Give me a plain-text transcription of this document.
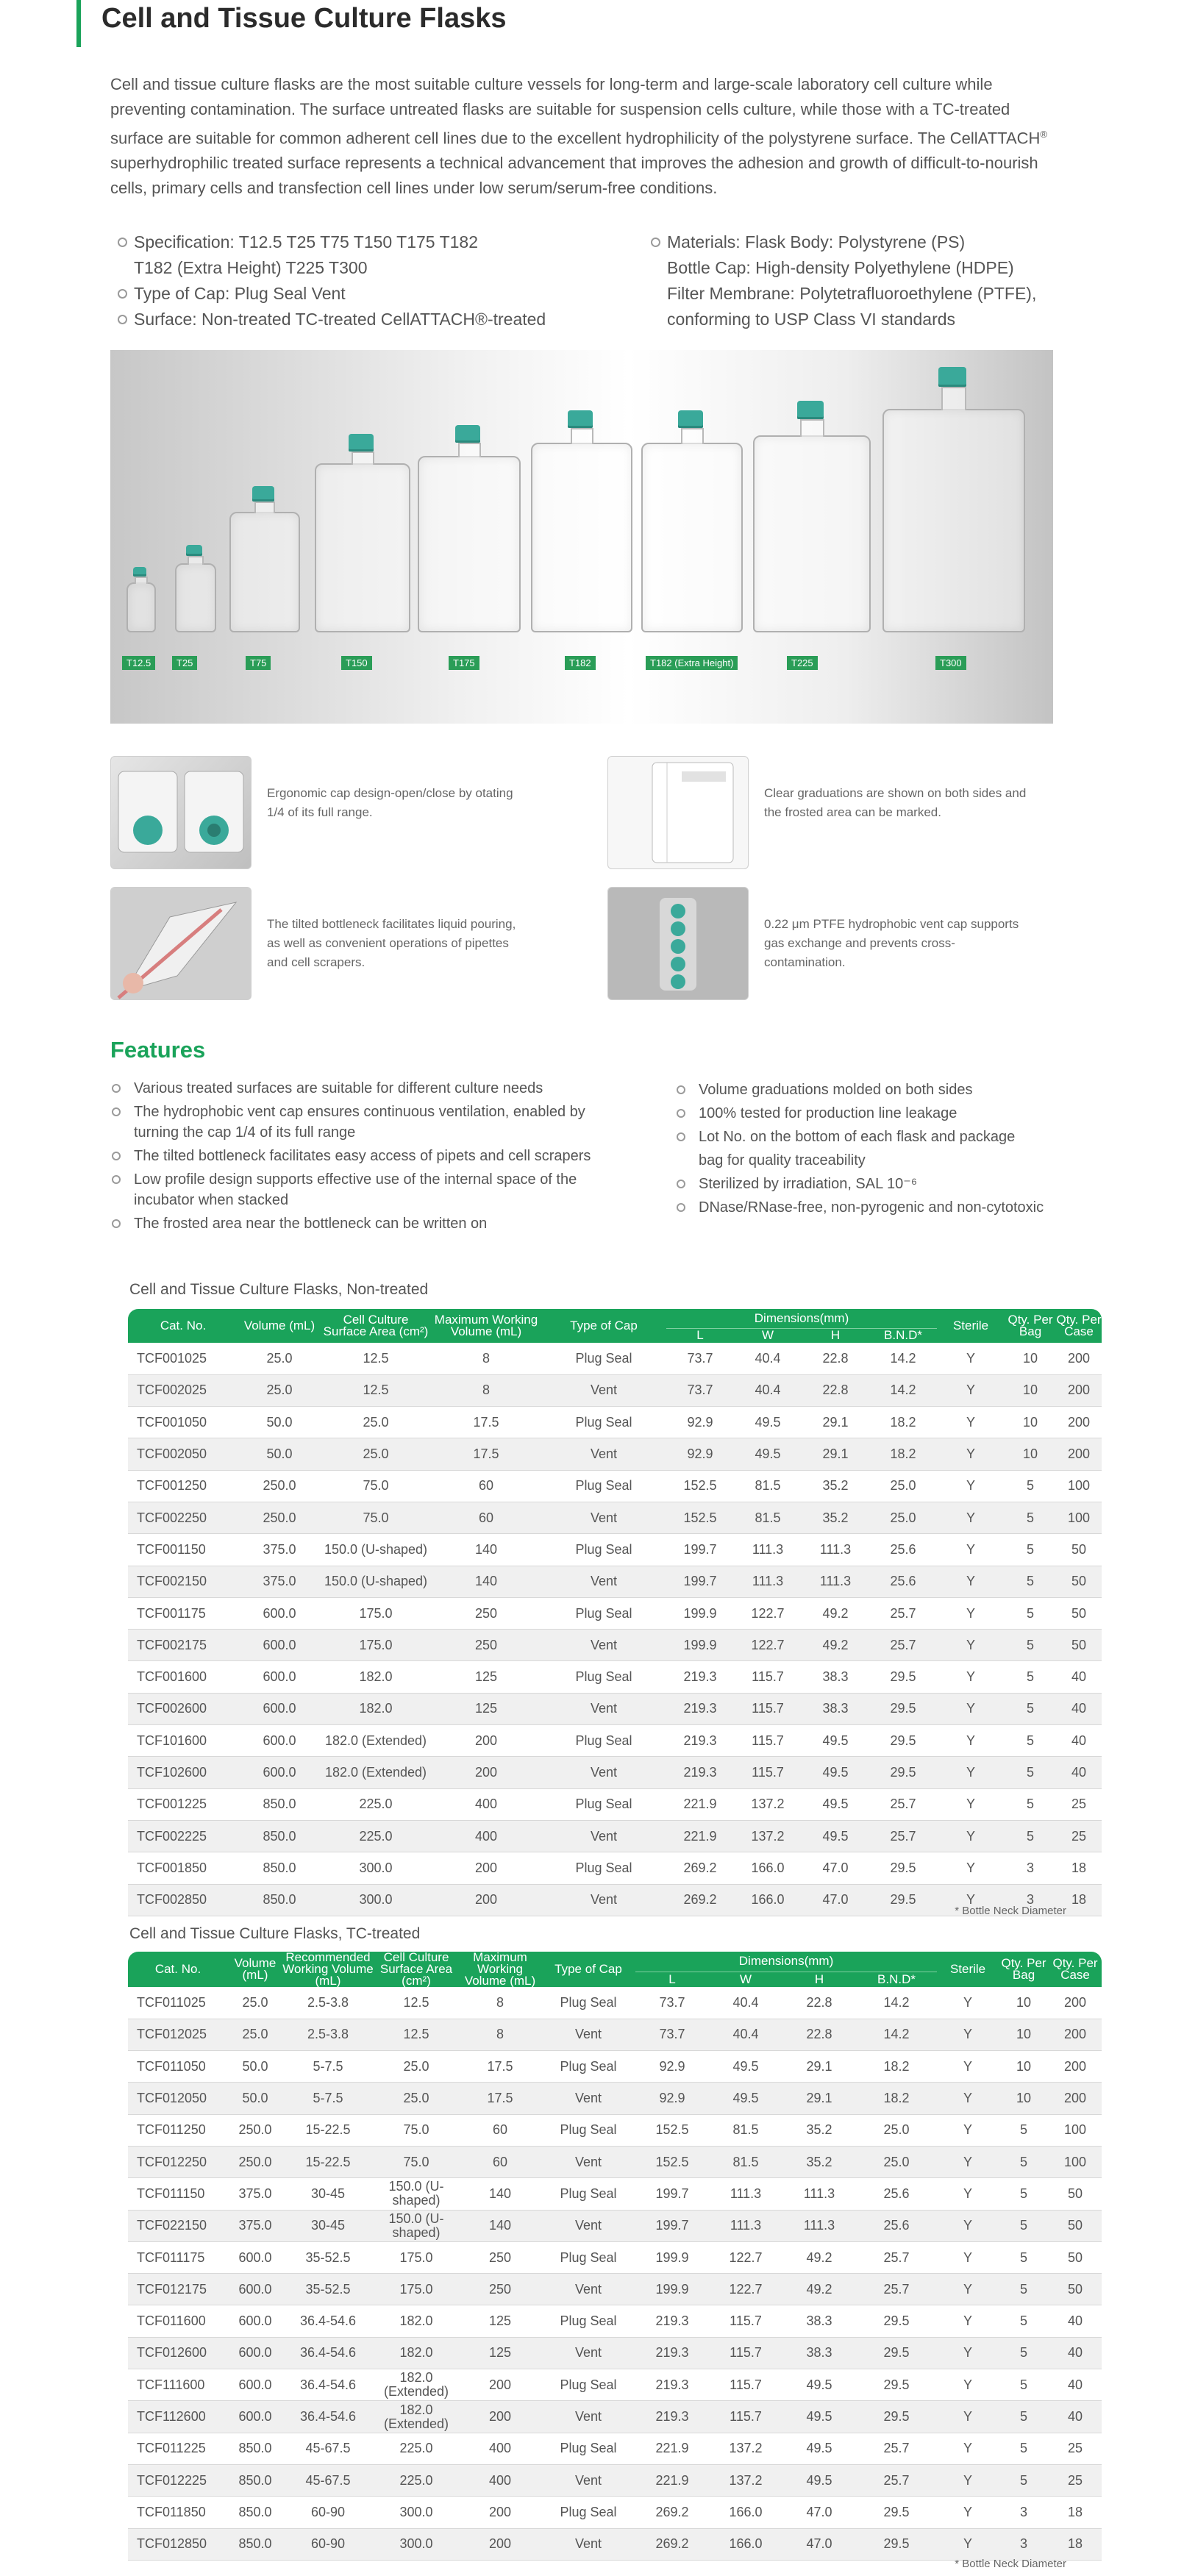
Cell and Tissue Culture Flasks

Cell and tissue culture flasks are the most suitable culture vessels for long-term and large-scale laboratory cell culture while preventing contamination. The surface untreated flasks are suitable for suspension cells culture, while those with a TC-treated surface are suitable for common adherent cell lines due to the excellent hydrophilicity of the polystyrene surface. The CellATTACH® superhydrophilic treated surface represents a technical advancement that improves the adhesion and growth of difficult-to-nourish cells, primary cells and transfection cell lines under low serum/serum-free conditions.

Specification: T12.5 T25 T75 T150 T175 T182
T182 (Extra Height) T225 T300
Type of Cap: Plug Seal Vent
Surface: Non-treated TC-treated CellATTACH®-treated
Materials: Flask Body: Polystyrene (PS)
Bottle Cap: High-density Polyethylene (HDPE)
Filter Membrane: Polytetrafluoroethylene (PTFE),
conforming to USP Class VI standards
T12.5	T25	T75	T150	T175	T182	T182 (Extra Height)	T225	T300
Ergonomic cap design-open/close by otating 1/4 of its full range.
Clear graduations are shown on both sides and the frosted area can be marked.
The tilted bottleneck facilitates liquid pouring, as well as convenient operations of pipettes and cell scrapers.
0.22 μm PTFE hydrophobic vent cap supports gas exchange and prevents cross-contamination.
Features
Various treated surfaces are suitable for different culture needs
The hydrophobic vent cap ensures continuous ventilation, enabled by turning the cap 1/4 of its full range
The tilted bottleneck facilitates easy access of pipets and cell scrapers
Low profile design supports effective use of the internal space of the incubator when stacked
The frosted area near the bottleneck can be written on
Volume graduations molded on both sides
100% tested for production line leakage
Lot No. on the bottom of each flask and package
bag for quality traceability
Sterilized by irradiation, SAL 10⁻⁶
DNase/RNase-free, non-pyrogenic and non-cytotoxic
Cell and Tissue Culture Flasks, Non-treated
Cat. No.	Volume (mL)	Cell Culture Surface Area (cm²)	Maximum Working Volume (mL)	Type of Cap	Dimensions(mm)				Sterile	Qty. Per Bag	Qty. Per Case
					L	W	H	B.N.D*			
TCF001025	25.0	12.5	8	Plug Seal	73.7	40.4	22.8	14.2	Y	10	200
TCF002025	25.0	12.5	8	Vent	73.7	40.4	22.8	14.2	Y	10	200
TCF001050	50.0	25.0	17.5	Plug Seal	92.9	49.5	29.1	18.2	Y	10	200
TCF002050	50.0	25.0	17.5	Vent	92.9	49.5	29.1	18.2	Y	10	200
TCF001250	250.0	75.0	60	Plug Seal	152.5	81.5	35.2	25.0	Y	5	100
TCF002250	250.0	75.0	60	Vent	152.5	81.5	35.2	25.0	Y	5	100
TCF001150	375.0	150.0 (U-shaped)	140	Plug Seal	199.7	111.3	111.3	25.6	Y	5	50
TCF002150	375.0	150.0 (U-shaped)	140	Vent	199.7	111.3	111.3	25.6	Y	5	50
TCF001175	600.0	175.0	250	Plug Seal	199.9	122.7	49.2	25.7	Y	5	50
TCF002175	600.0	175.0	250	Vent	199.9	122.7	49.2	25.7	Y	5	50
TCF001600	600.0	182.0	125	Plug Seal	219.3	115.7	38.3	29.5	Y	5	40
TCF002600	600.0	182.0	125	Vent	219.3	115.7	38.3	29.5	Y	5	40
TCF101600	600.0	182.0 (Extended)	200	Plug Seal	219.3	115.7	49.5	29.5	Y	5	40
TCF102600	600.0	182.0 (Extended)	200	Vent	219.3	115.7	49.5	29.5	Y	5	40
TCF001225	850.0	225.0	400	Plug Seal	221.9	137.2	49.5	25.7	Y	5	25
TCF002225	850.0	225.0	400	Vent	221.9	137.2	49.5	25.7	Y	5	25
TCF001850	850.0	300.0	200	Plug Seal	269.2	166.0	47.0	29.5	Y	3	18
TCF002850	850.0	300.0	200	Vent	269.2	166.0	47.0	29.5	Y	3	18
* Bottle Neck Diameter
Cell and Tissue Culture Flasks, TC-treated
Cat. No.	Volume (mL)	Recommended Working Volume (mL)	Cell Culture Surface Area (cm²)	Maximum Working Volume (mL)	Type of Cap	Dimensions(mm)				Sterile	Qty. Per Bag	Qty. Per Case
						L	W	H	B.N.D*			
TCF011025	25.0	2.5-3.8	12.5	8	Plug Seal	73.7	40.4	22.8	14.2	Y	10	200
TCF012025	25.0	2.5-3.8	12.5	8	Vent	73.7	40.4	22.8	14.2	Y	10	200
TCF011050	50.0	5-7.5	25.0	17.5	Plug Seal	92.9	49.5	29.1	18.2	Y	10	200
TCF012050	50.0	5-7.5	25.0	17.5	Vent	92.9	49.5	29.1	18.2	Y	10	200
TCF011250	250.0	15-22.5	75.0	60	Plug Seal	152.5	81.5	35.2	25.0	Y	5	100
TCF012250	250.0	15-22.5	75.0	60	Vent	152.5	81.5	35.2	25.0	Y	5	100
TCF011150	375.0	30-45	150.0 (U-shaped)	140	Plug Seal	199.7	111.3	111.3	25.6	Y	5	50
TCF022150	375.0	30-45	150.0 (U-shaped)	140	Vent	199.7	111.3	111.3	25.6	Y	5	50
TCF011175	600.0	35-52.5	175.0	250	Plug Seal	199.9	122.7	49.2	25.7	Y	5	50
TCF012175	600.0	35-52.5	175.0	250	Vent	199.9	122.7	49.2	25.7	Y	5	50
TCF011600	600.0	36.4-54.6	182.0	125	Plug Seal	219.3	115.7	38.3	29.5	Y	5	40
TCF012600	600.0	36.4-54.6	182.0	125	Vent	219.3	115.7	38.3	29.5	Y	5	40
TCF111600	600.0	36.4-54.6	182.0 (Extended)	200	Plug Seal	219.3	115.7	49.5	29.5	Y	5	40
TCF112600	600.0	36.4-54.6	182.0 (Extended)	200	Vent	219.3	115.7	49.5	29.5	Y	5	40
TCF011225	850.0	45-67.5	225.0	400	Plug Seal	221.9	137.2	49.5	25.7	Y	5	25
TCF012225	850.0	45-67.5	225.0	400	Vent	221.9	137.2	49.5	25.7	Y	5	25
TCF011850	850.0	60-90	300.0	200	Plug Seal	269.2	166.0	47.0	29.5	Y	3	18
TCF012850	850.0	60-90	300.0	200	Vent	269.2	166.0	47.0	29.5	Y	3	18
* Bottle Neck Diameter
